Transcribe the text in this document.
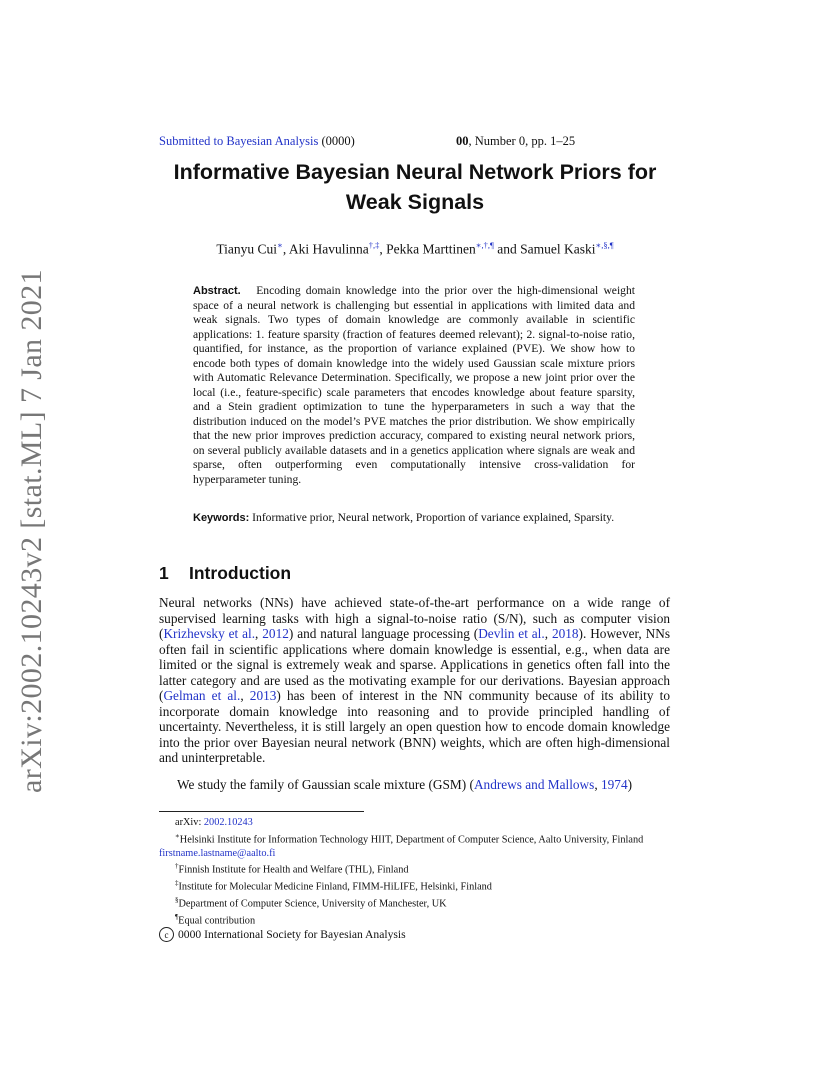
arXiv:2002.10243v2 [stat.ML] 7 Jan 2021
Submitted to Bayesian Analysis (0000)	00, Number 0, pp. 1–25
Informative Bayesian Neural Network Priors for
Weak Signals
Tianyu Cui∗, Aki Havulinna†,‡, Pekka Marttinen∗,†,¶ and Samuel Kaski∗,§,¶
Abstract. Encoding domain knowledge into the prior over the high-dimensional weight space of a neural network is challenging but essential in applications with limited data and weak signals. Two types of domain knowledge are commonly available in scientific applications: 1. feature sparsity (fraction of features deemed relevant); 2. signal-to-noise ratio, quantified, for instance, as the proportion of variance explained (PVE). We show how to encode both types of domain knowledge into the widely used Gaussian scale mixture priors with Automatic Relevance Determination. Specifically, we propose a new joint prior over the local (i.e., feature-specific) scale parameters that encodes knowledge about feature sparsity, and a Stein gradient optimization to tune the hyperparameters in such a way that the distribution induced on the model’s PVE matches the prior distribution. We show empirically that the new prior improves prediction accuracy, compared to existing neural network priors, on several publicly available datasets and in a genetics application where signals are weak and sparse, often outperforming even computationally intensive cross-validation for hyperparameter tuning.
Keywords: Informative prior, Neural network, Proportion of variance explained, Sparsity.
1 Introduction
Neural networks (NNs) have achieved state-of-the-art performance on a wide range of supervised learning tasks with high a signal-to-noise ratio (S/N), such as computer vision (Krizhevsky et al., 2012) and natural language processing (Devlin et al., 2018). However, NNs often fail in scientific applications where domain knowledge is essential, e.g., when data are limited or the signal is extremely weak and sparse. Applications in genetics often fall into the latter category and are used as the motivating example for our derivations. Bayesian approach (Gelman et al., 2013) has been of interest in the NN community because of its ability to incorporate domain knowledge into reasoning and to provide principled handling of uncertainty. Nevertheless, it is still largely an open question how to encode domain knowledge into the prior over Bayesian neural network (BNN) weights, which are often high-dimensional and uninterpretable.
We study the family of Gaussian scale mixture (GSM) (Andrews and Mallows, 1974)
arXiv: 2002.10243
∗Helsinki Institute for Information Technology HIIT, Department of Computer Science, Aalto University, Finland firstname.lastname@aalto.fi
†Finnish Institute for Health and Welfare (THL), Finland
‡Institute for Molecular Medicine Finland, FIMM-HiLIFE, Helsinki, Finland
§Department of Computer Science, University of Manchester, UK
¶Equal contribution
c 0000 International Society for Bayesian Analysis
